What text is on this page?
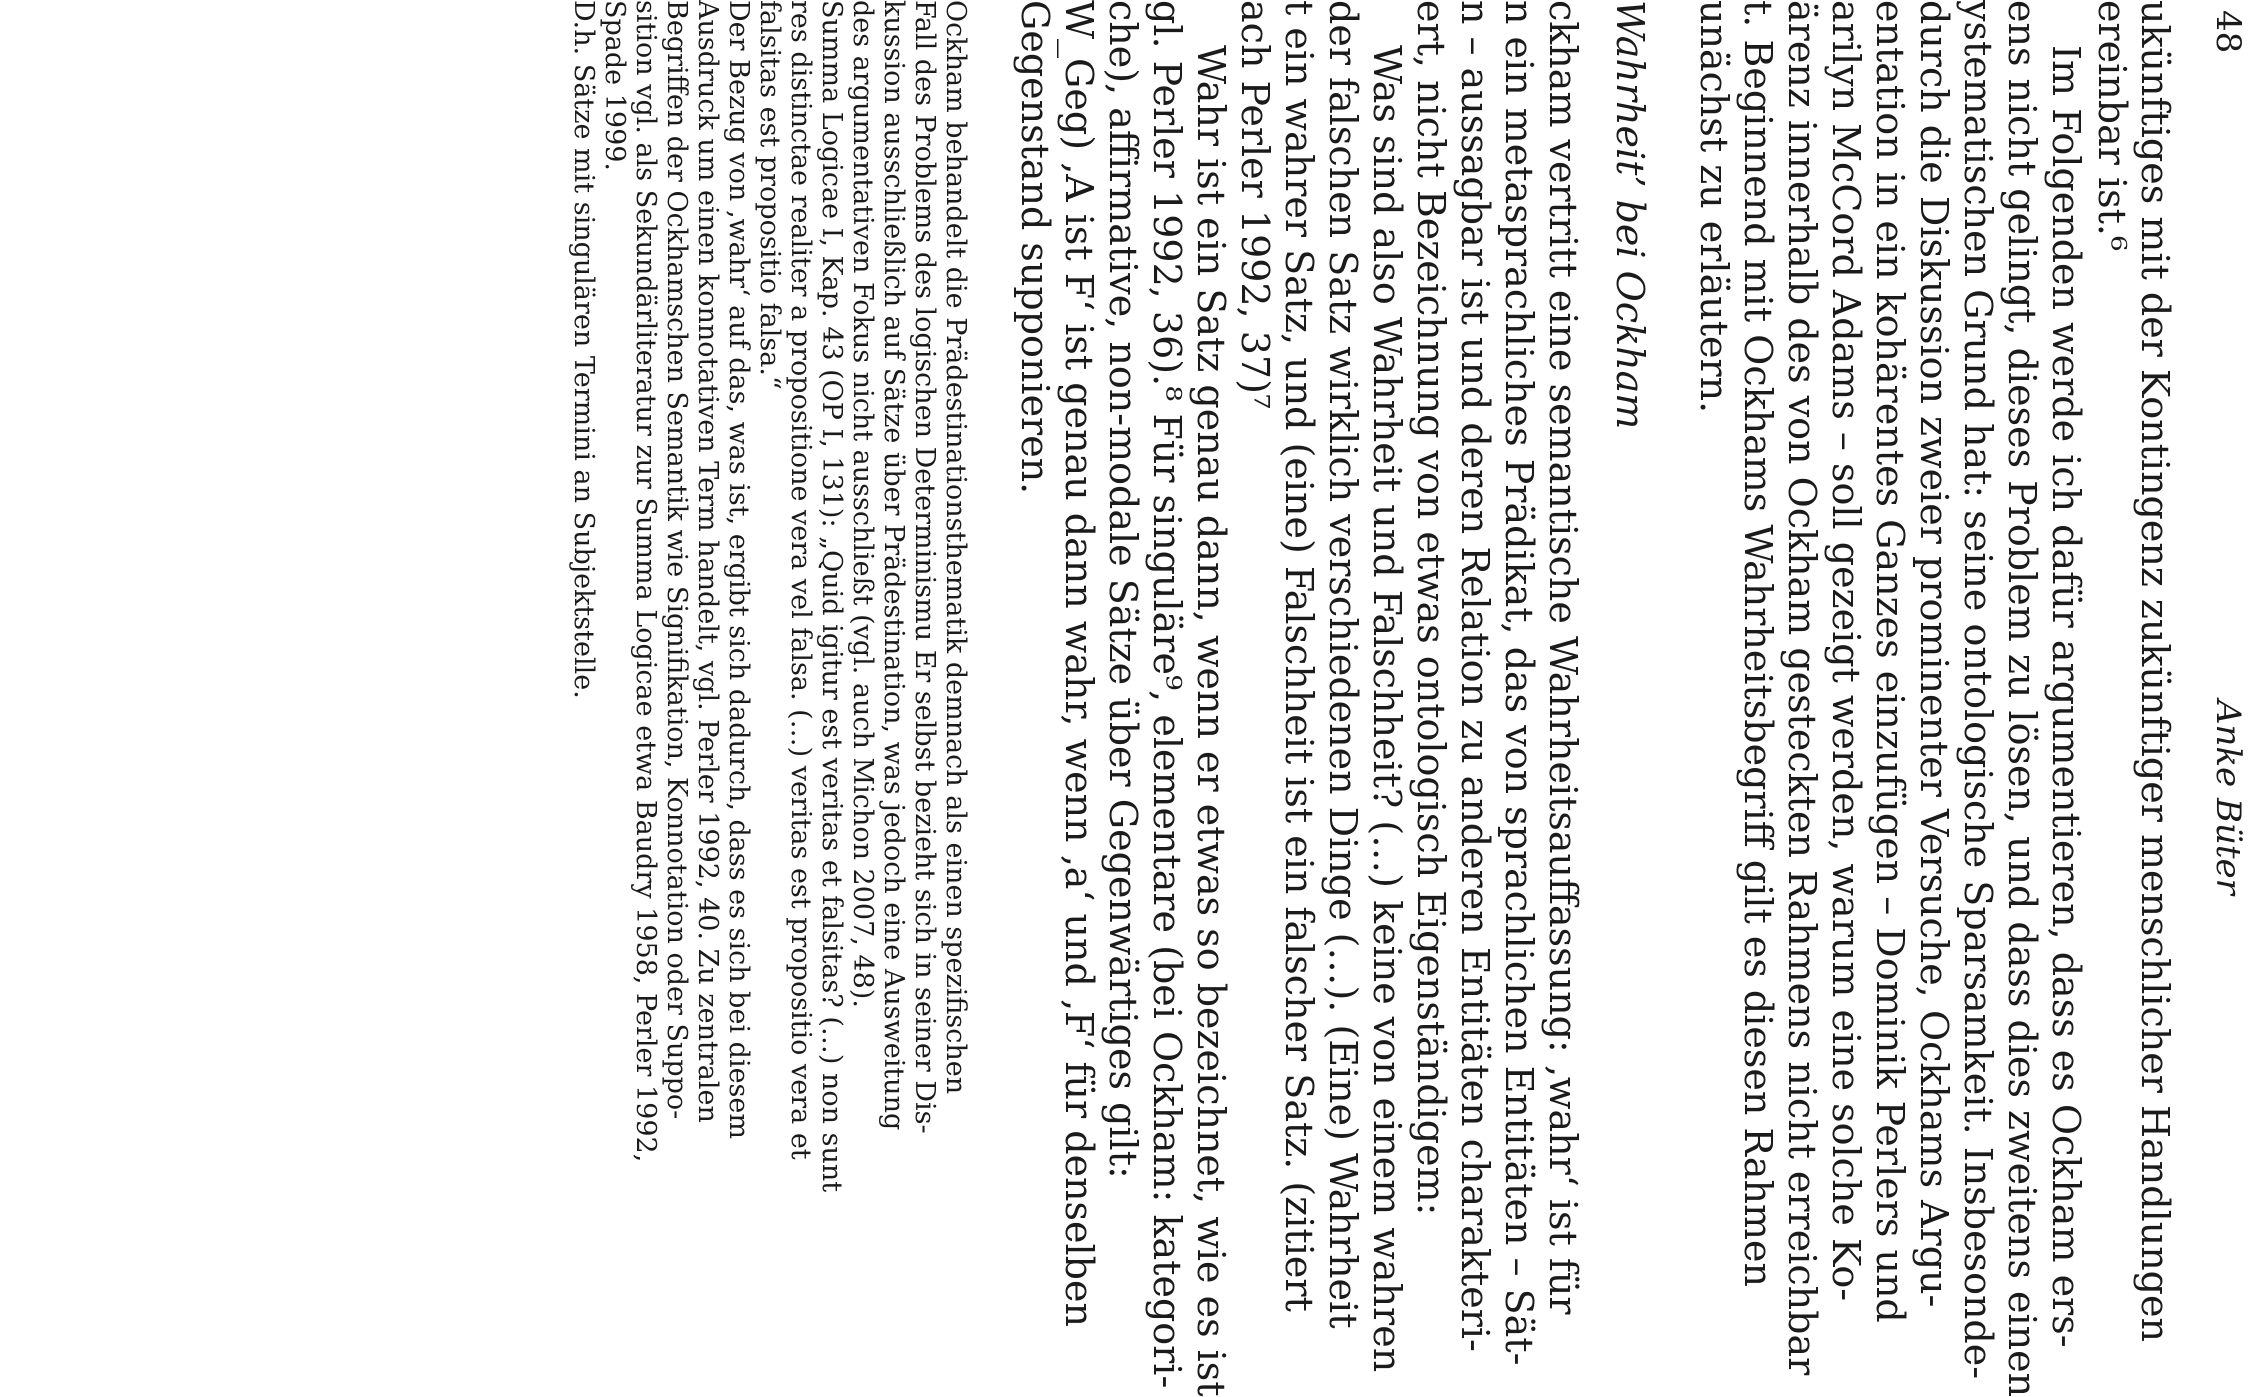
48
Anke Büter
ukünftiges mit der Kontingenz zukünftiger menschlicher Handlungen
ereinbar ist.⁶
Im Folgenden werde ich dafür argumentieren, dass es Ockham ers-
ens nicht gelingt, dieses Problem zu lösen, und dass dies zweitens einen
ystematischen Grund hat: seine ontologische Sparsamkeit. Insbesonde-
durch die Diskussion zweier prominenter Versuche, Ockhams Argu-
entation in ein kohärentes Ganzes einzufügen – Dominik Perlers und
arilyn McCord Adams – soll gezeigt werden, warum eine solche Ko-
ärenz innerhalb des von Ockham gesteckten Rahmens nicht erreichbar
t. Beginnend mit Ockhams Wahrheitsbegriff gilt es diesen Rahmen
unächst zu erläutern.
Wahrheit’ bei Ockham
ckham vertritt eine semantische Wahrheitsauffassung: ‚wahr‘ ist für
n ein metasprachliches Prädikat, das von sprachlichen Entitäten – Sät-
n – aussagbar ist und deren Relation zu anderen Entitäten charakteri-
ert, nicht Bezeichnung von etwas ontologisch Eigenständigem:
Was sind also Wahrheit und Falschheit? (…) keine von einem wahren
der falschen Satz wirklich verschiedenen Dinge (…). (Eine) Wahrheit
t ein wahrer Satz, und (eine) Falschheit ist ein falscher Satz. (zitiert
ach Perler 1992, 37)⁷
Wahr ist ein Satz genau dann, wenn er etwas so bezeichnet, wie es ist
gl. Perler 1992, 36).⁸ Für singuläre⁹, elementare (bei Ockham: kategori-
che), affirmative, non-modale Sätze über Gegenwärtiges gilt:
W_Geg) ‚A ist F‘ ist genau dann wahr, wenn ‚a‘ und ‚F‘ für denselben
Gegenstand supponieren.
Ockham behandelt die Prädestinationsthematik demnach als einen spezifischen
Fall des Problems des logischen Determinismu Er selbst bezieht sich in seiner Dis-
kussion ausschließlich auf Sätze über Prädestination, was jedoch eine Ausweitung
des argumentativen Fokus nicht ausschließt (vgl. auch Michon 2007, 48).
Summa Logicae I, Kap. 43 (OP I, 131): „Quid igitur est veritas et falsitas? (…) non sunt
res distinctae realiter a propositione vera vel falsa. (…) veritas est propositio vera et
falsitas est propositio falsa.“
Der Bezug von ‚wahr‘ auf das, was ist, ergibt sich dadurch, dass es sich bei diesem
Ausdruck um einen konnotativen Term handelt, vgl. Perler 1992, 40. Zu zentralen
Begriffen der Ockhamschen Semantik wie Signifikation, Konnotation oder Suppo-
sition vgl. als Sekundärliteratur zur Summa Logicae etwa Baudry 1958, Perler 1992,
Spade 1999.
D.h. Sätze mit singulären Termini an Subjektstelle.
